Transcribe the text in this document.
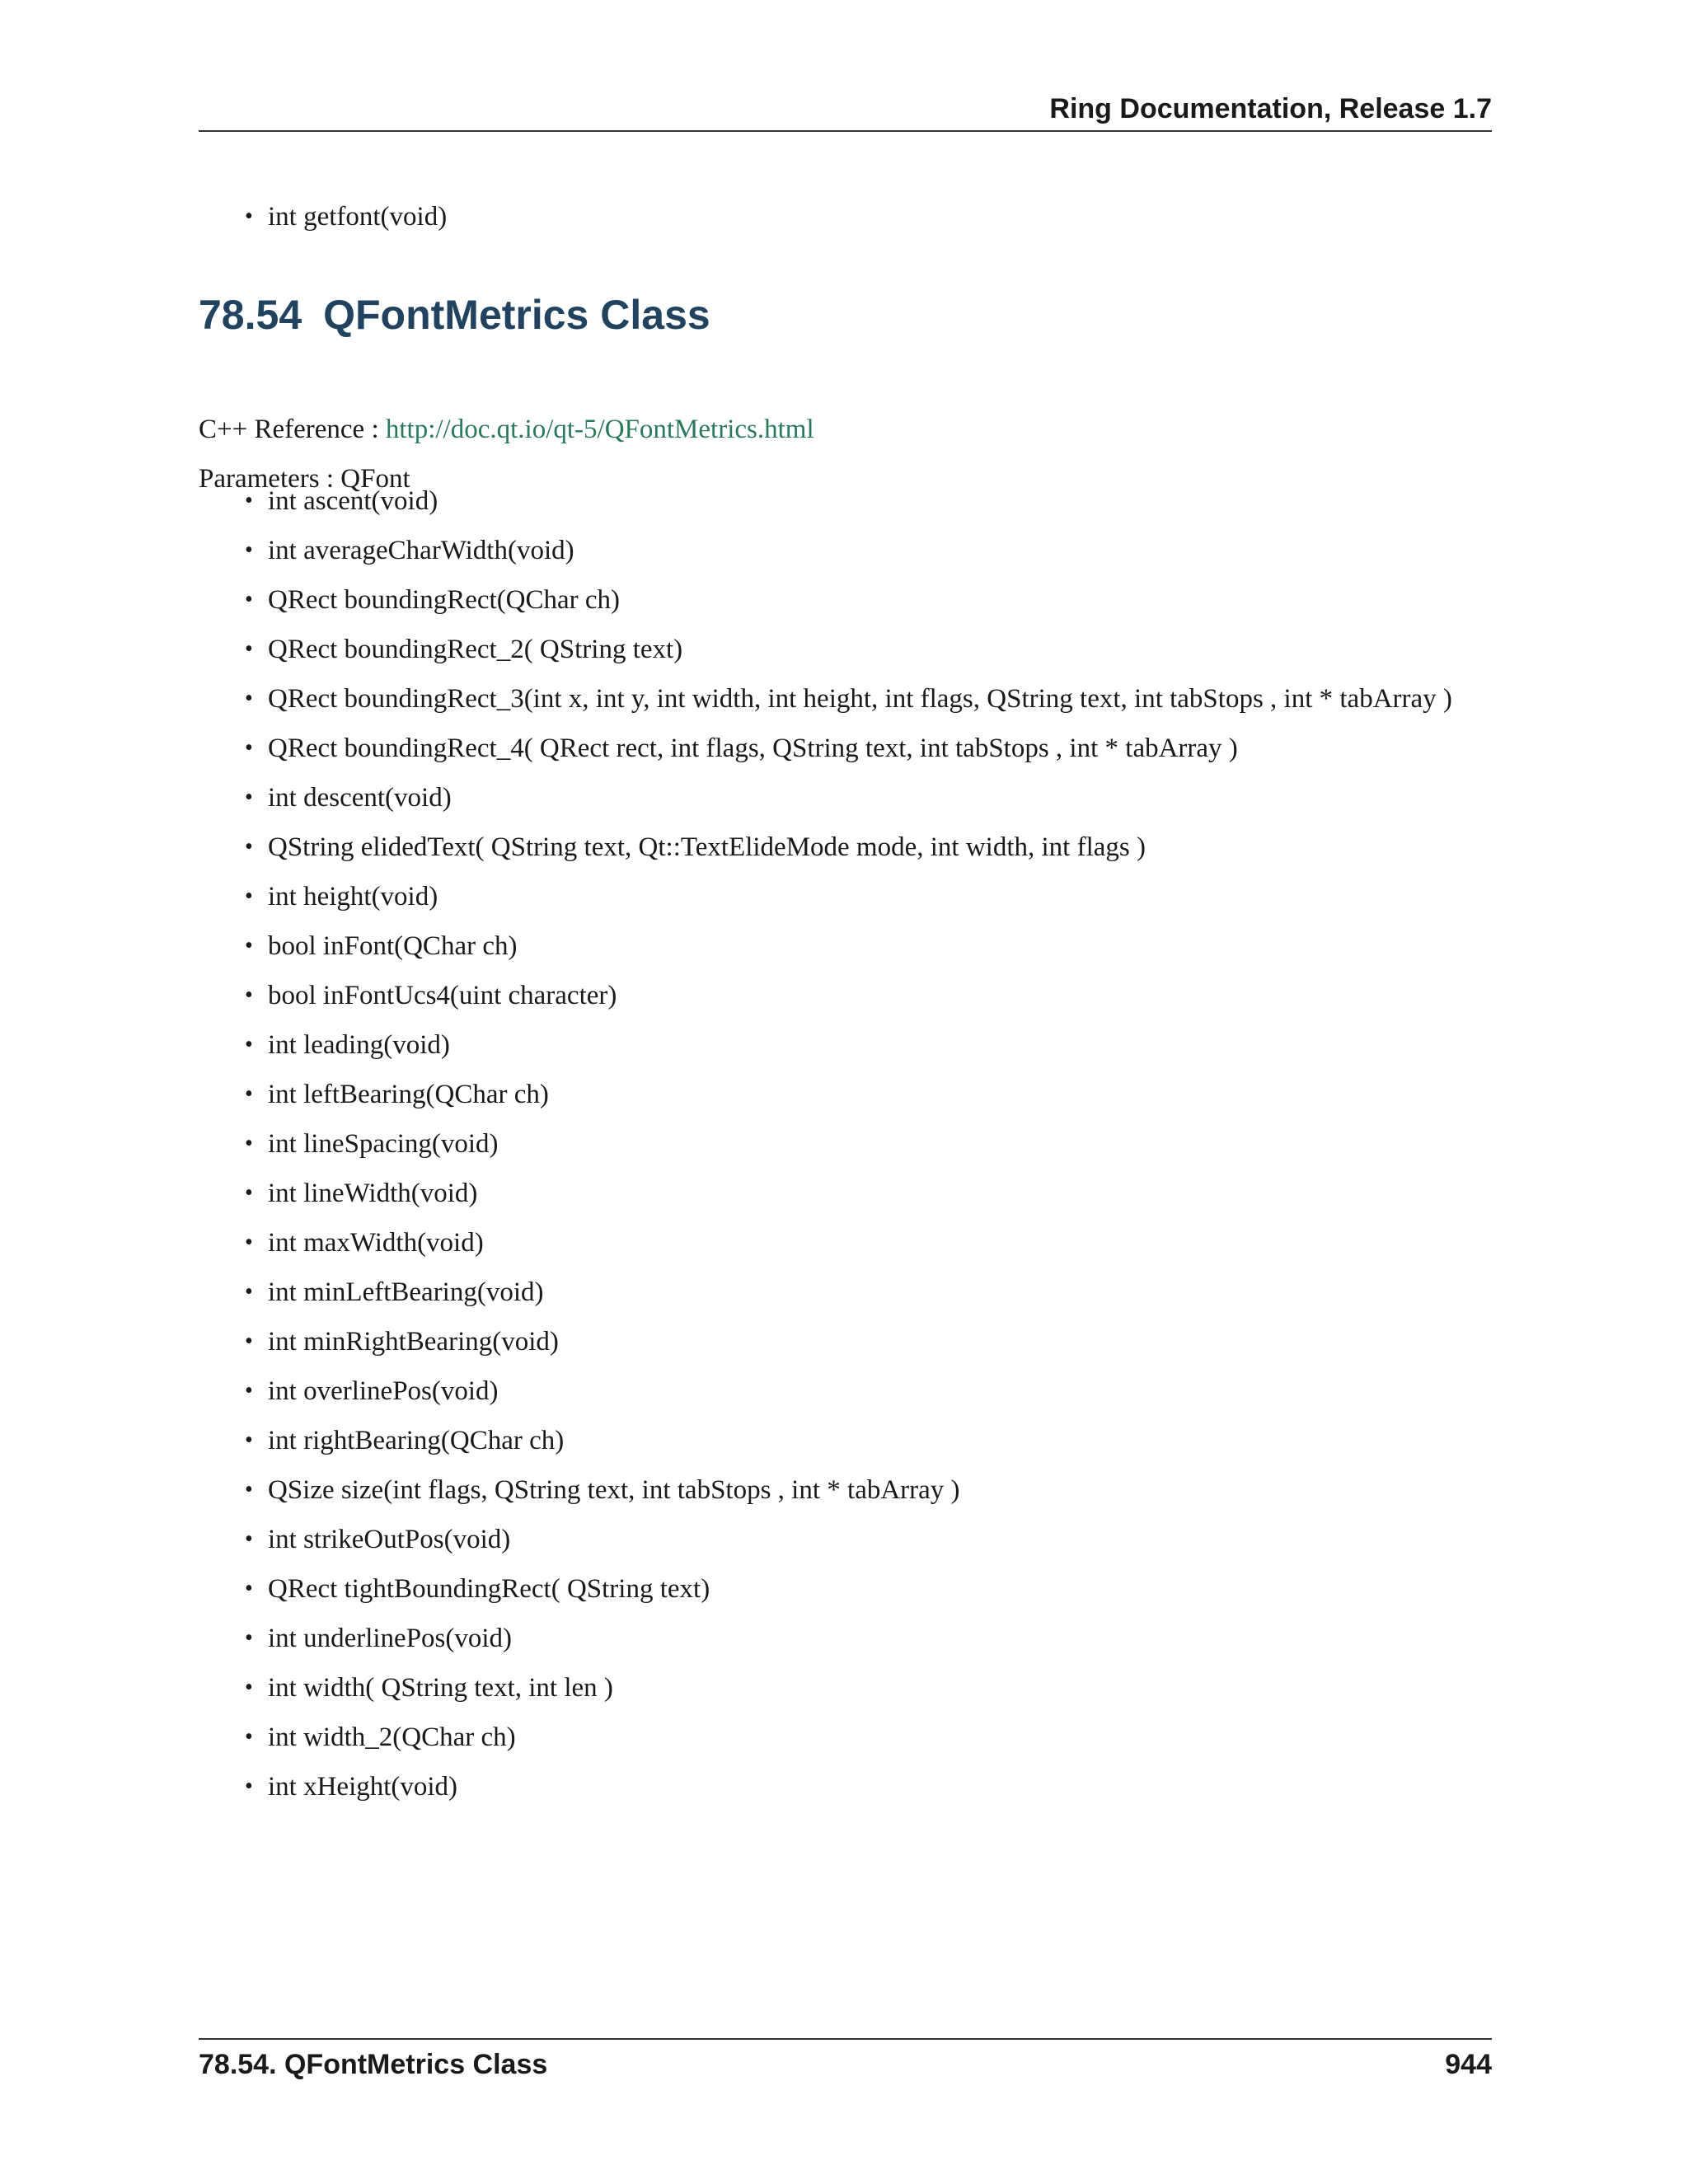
Ring Documentation, Release 1.7
• int getfont(void)
78.54 QFontMetrics Class

C++ Reference : http://doc.qt.io/qt-5/QFontMetrics.html

Parameters : QFont

• int ascent(void)
• int averageCharWidth(void)
• QRect boundingRect(QChar ch)
• QRect boundingRect_2( QString text)
• QRect boundingRect_3(int x, int y, int width, int height, int flags, QString text, int tabStops , int * tabArray )
• QRect boundingRect_4( QRect rect, int flags, QString text, int tabStops , int * tabArray )
• int descent(void)
• QString elidedText( QString text, Qt::TextElideMode mode, int width, int flags )
• int height(void)
• bool inFont(QChar ch)
• bool inFontUcs4(uint character)
• int leading(void)
• int leftBearing(QChar ch)
• int lineSpacing(void)
• int lineWidth(void)
• int maxWidth(void)
• int minLeftBearing(void)
• int minRightBearing(void)
• int overlinePos(void)
• int rightBearing(QChar ch)
• QSize size(int flags, QString text, int tabStops , int * tabArray )
• int strikeOutPos(void)
• QRect tightBoundingRect( QString text)
• int underlinePos(void)
• int width( QString text, int len )
• int width_2(QChar ch)
• int xHeight(void)
78.54. QFontMetrics Class	944
